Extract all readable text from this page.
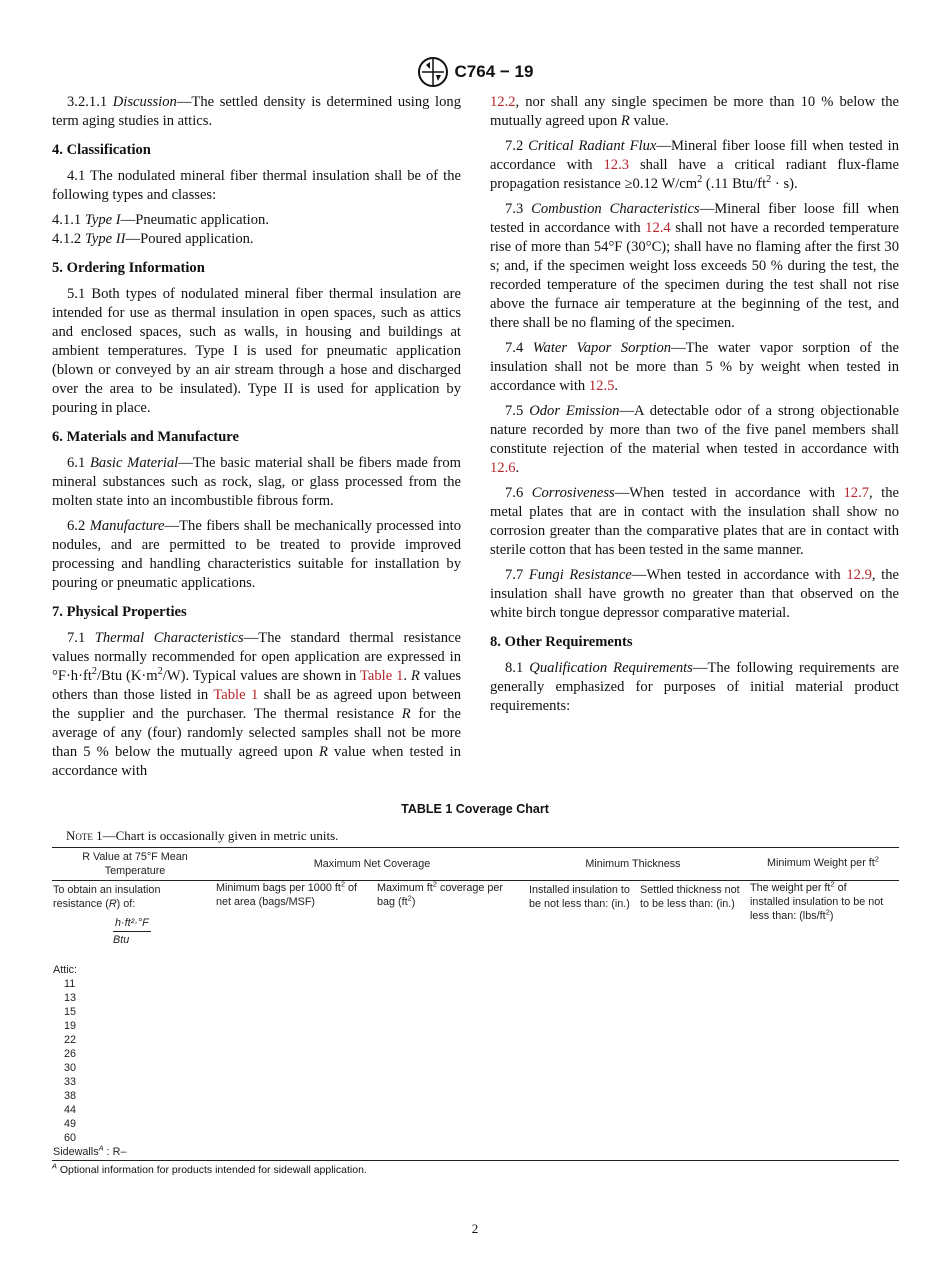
C764 − 19

3.2.1.1 Discussion—The settled density is determined using long term aging studies in attics.

4. Classification

4.1 The nodulated mineral fiber thermal insulation shall be of the following types and classes:

4.1.1 Type I—Pneumatic application.

4.1.2 Type II—Poured application.

5. Ordering Information

5.1 Both types of nodulated mineral fiber thermal insulation are intended for use as thermal insulation in open spaces, such as attics and enclosed spaces, such as walls, in housing and buildings at ambient temperatures. Type I is used for pneumatic application (blown or conveyed by an air stream through a hose and discharged over the area to be insulated). Type II is used for application by pouring in place.

6. Materials and Manufacture

6.1 Basic Material—The basic material shall be fibers made from mineral substances such as rock, slag, or glass processed from the molten state into an incombustible fibrous form.

6.2 Manufacture—The fibers shall be mechanically processed into nodules, and are permitted to be treated to provide improved processing and handling characteristics suitable for installation by pouring or pneumatic applications.

7. Physical Properties

7.1 Thermal Characteristics—The standard thermal resistance values normally recommended for open application are expressed in $^\circ F\cdot h\cdot ft^2$/Btu $(K\cdot m^2/W)$. Typical values are shown in Table 1. R values others than those listed in Table 1 shall be as agreed upon between the supplier and the purchaser. The thermal resistance R for the average of any (four) randomly selected samples shall not be more than 5 % below the mutually agreed upon R value when tested in accordance with

12.2, nor shall any single specimen be more than 10 % below the mutually agreed upon R value.

7.2 Critical Radiant Flux—Mineral fiber loose fill when tested in accordance with 12.3 shall have a critical radiant flux-flame propagation resistance ≥0.12 $W/cm^2$ (.11 Btu/$ft^2 \cdot s$).

7.3 Combustion Characteristics—Mineral fiber loose fill when tested in accordance with 12.4 shall not have a recorded temperature rise of more than 54°F (30°C); shall have no flaming after the first 30 s; and, if the specimen weight loss exceeds 50 % during the test, the recorded temperature of the specimen during the test shall not rise above the furnace air temperature at the beginning of the test, and there shall be no flaming of the specimen.

7.4 Water Vapor Sorption—The water vapor sorption of the insulation shall not be more than 5 % by weight when tested in accordance with 12.5.

7.5 Odor Emission—A detectable odor of a strong objectionable nature recorded by more than two of the five panel members shall constitute rejection of the material when tested in accordance with 12.6.

7.6 Corrosiveness—When tested in accordance with 12.7, the metal plates that are in contact with the insulation shall show no corrosion greater than the comparative plates that are in contact with sterile cotton that has been tested in the same manner.

7.7 Fungi Resistance—When tested in accordance with 12.9, the insulation shall have growth no greater than that observed on the white birch tongue depressor comparative material.

8. Other Requirements

8.1 Qualification Requirements—The following requirements are generally emphasized for purposes of initial material product requirements:

TABLE 1 Coverage Chart
Note 1—Chart is occasionally given in metric units.
R Value at 75°F Mean Temperature
Maximum Net Coverage	Minimum Thickness	Minimum Weight per $ft^2$
To obtain an insulation resistance (R) of:
$\frac{\text{h·ft²·°F}}{\text{Btu}}$
Minimum bags per 1000 $ft^2$ of net area (bags/MSF)
Maximum $ft^2$ coverage per bag $(ft^2)$
Installed insulation to be not less than: (in.)
Settled thickness not to be less than: (in.)
The weight per $ft^2$ of installed insulation to be not less than: $(lbs/ft^2)$
Attic:
11
13
15
19
22
26
30
33
38
44
49
60
Sidewalls$^A$ : R–
$^A$ Optional information for products intended for sidewall application.
2
